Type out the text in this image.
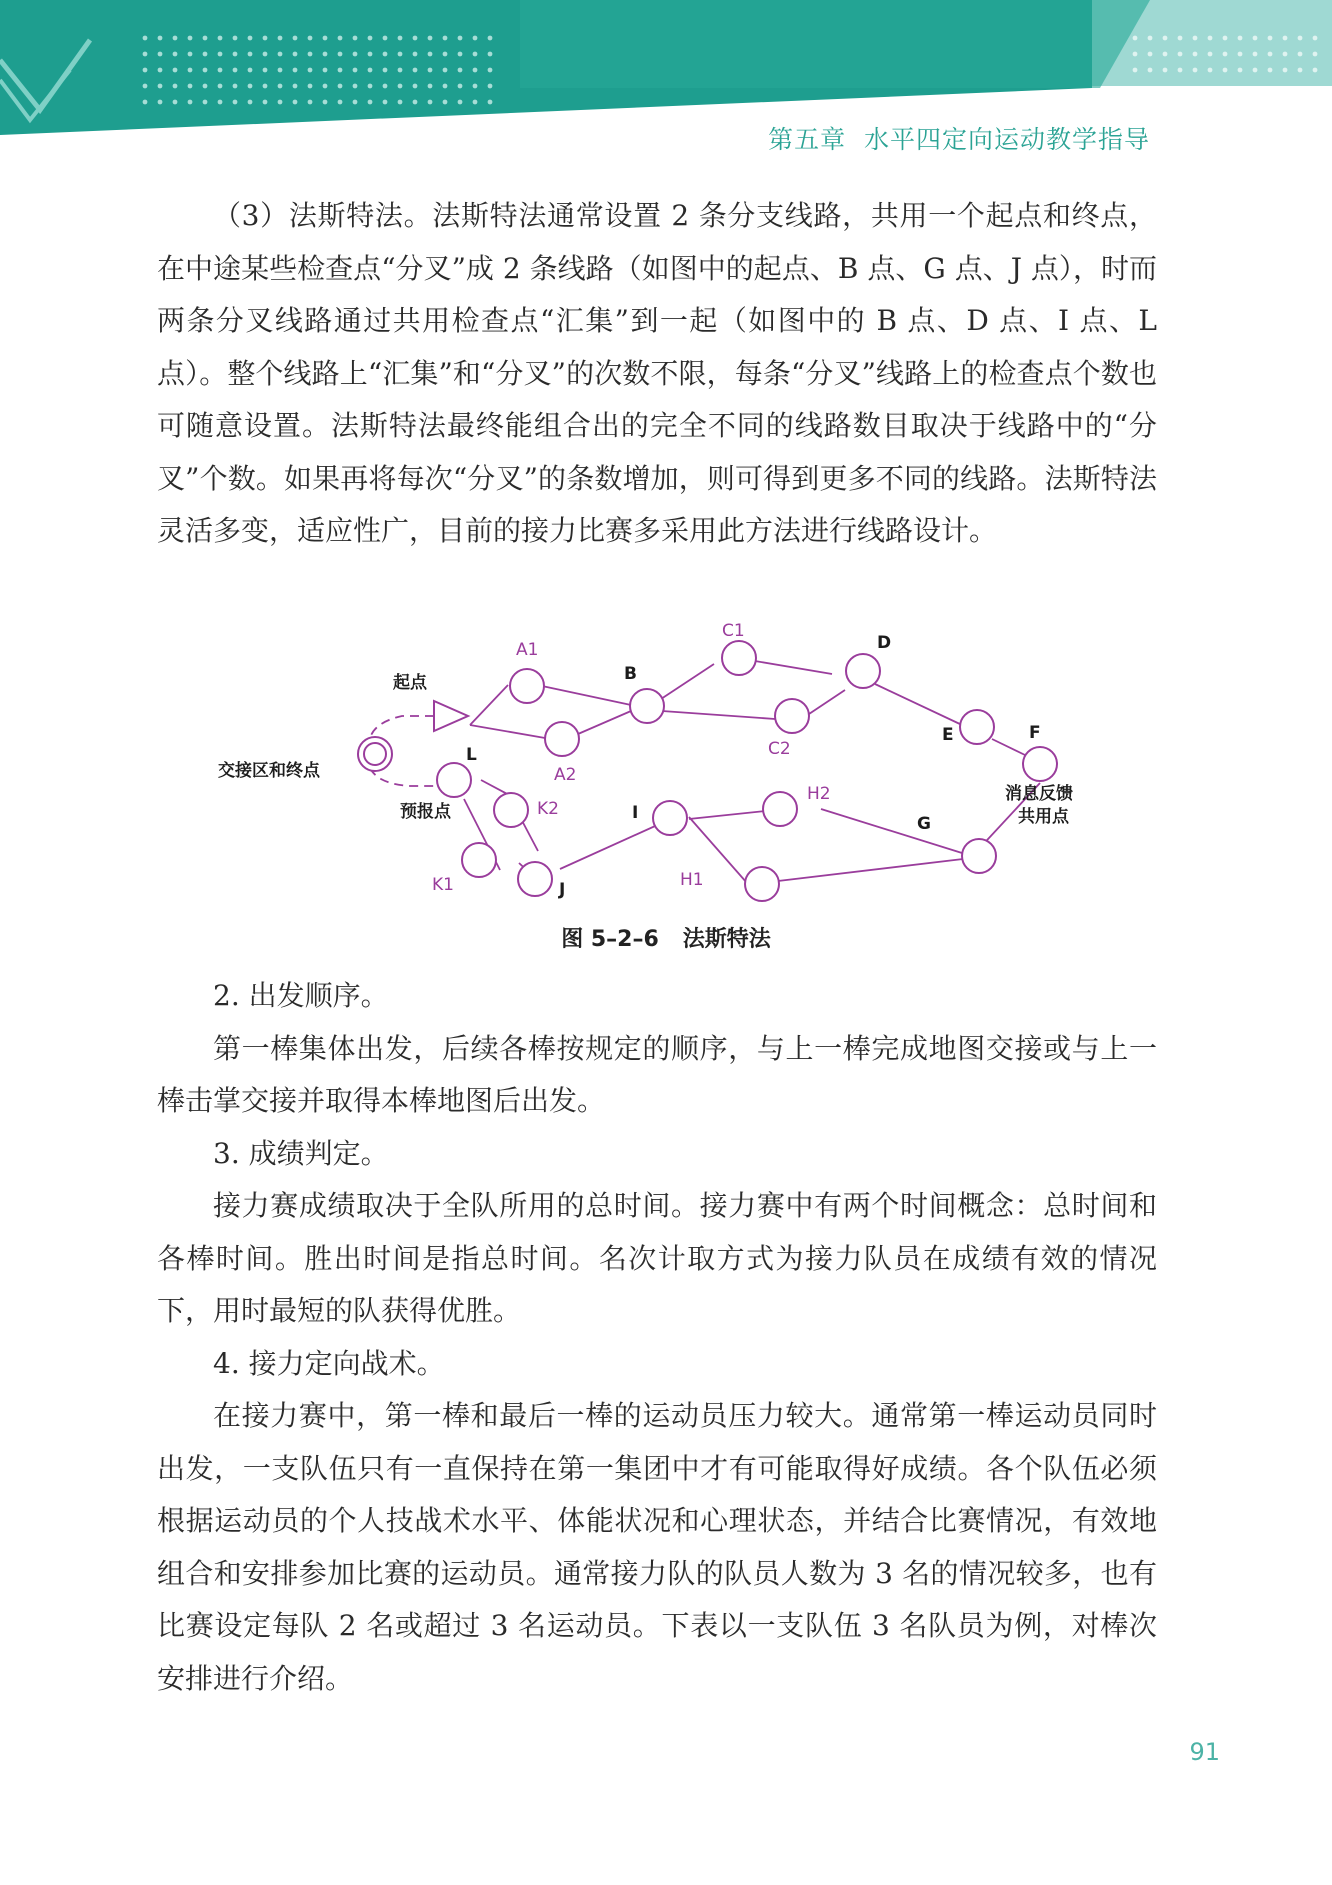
第五章 水平四定向运动教学指导

（3）法斯特法。法斯特法通常设置 2 条分支线路，共用一个起点和终点，在中途某些检查点“分叉”成 2 条线路（如图中的起点、B 点、G 点、J 点），时而两条分叉线路通过共用检查点“汇集”到一起（如图中的 B 点、D 点、I 点、L 点）。整个线路上“汇集”和“分叉”的次数不限，每条“分叉”线路上的检查点个数也可随意设置。法斯特法最终能组合出的完全不同的线路数目取决于线路中的“分叉”个数。如果再将每次“分叉”的条数增加，则可得到更多不同的线路。法斯特法灵活多变，适应性广，目前的接力比赛多采用此方法进行线路设计。

A1
A2
B
C1
C2
D
E	F
H2
I
G
H1
J
K2
K1
L
起点
交接区和终点
预报点
消息反馈
共用点
图 5–2–6 法斯特法

2. 出发顺序。

第一棒集体出发，后续各棒按规定的顺序，与上一棒完成地图交接或与上一棒击掌交接并取得本棒地图后出发。

3. 成绩判定。

接力赛成绩取决于全队所用的总时间。接力赛中有两个时间概念：总时间和各棒时间。胜出时间是指总时间。名次计取方式为接力队员在成绩有效的情况下，用时最短的队获得优胜。

4. 接力定向战术。

在接力赛中，第一棒和最后一棒的运动员压力较大。通常第一棒运动员同时出发，一支队伍只有一直保持在第一集团中才有可能取得好成绩。各个队伍必须根据运动员的个人技战术水平、体能状况和心理状态，并结合比赛情况，有效地组合和安排参加比赛的运动员。通常接力队的队员人数为 3 名的情况较多，也有比赛设定每队 2 名或超过 3 名运动员。下表以一支队伍 3 名队员为例，对棒次安排进行介绍。

91
